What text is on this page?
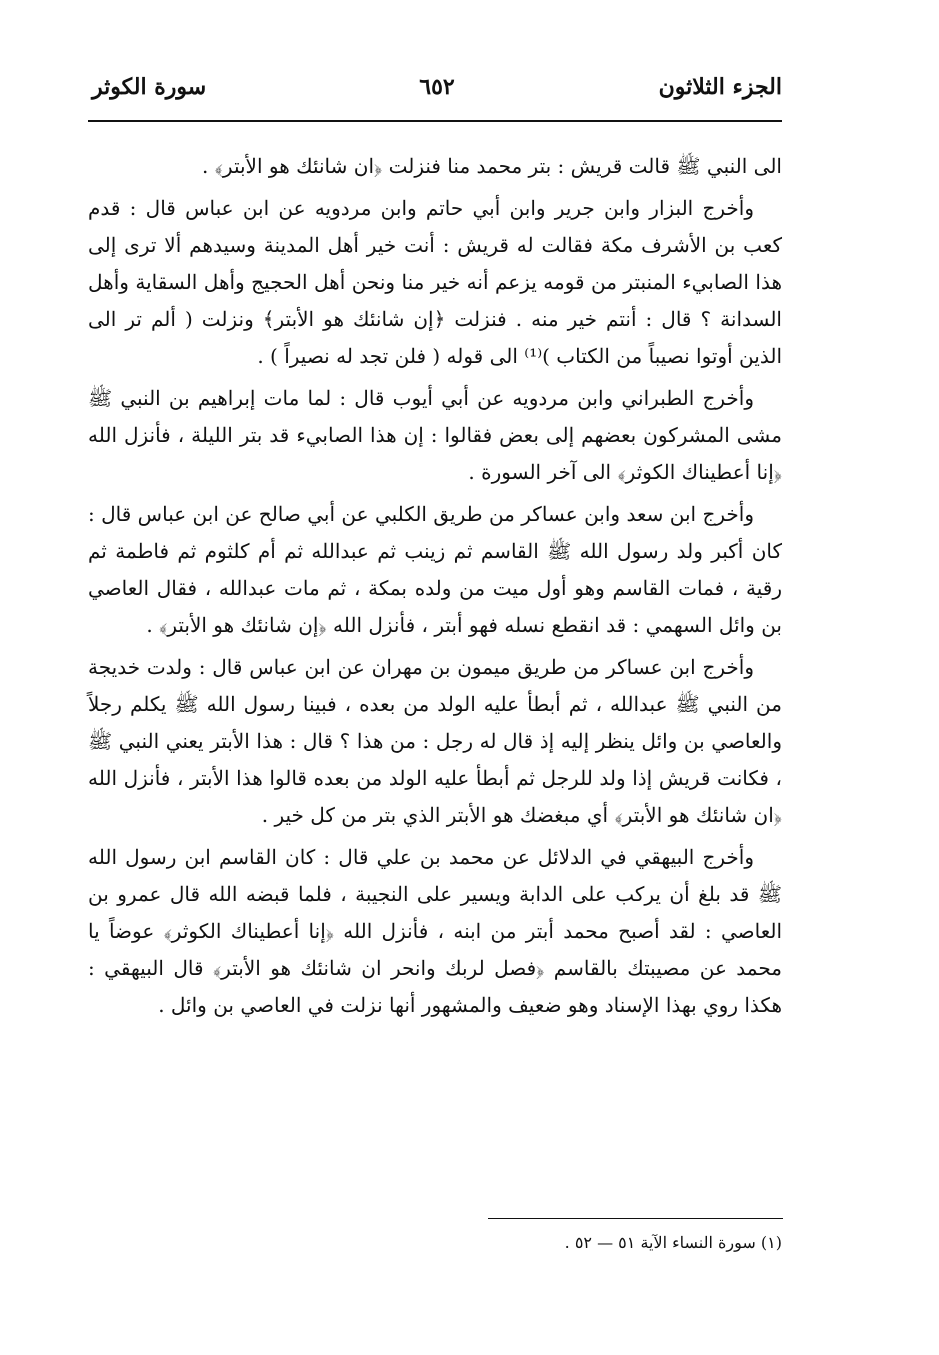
الجزء الثلاثون
٦٥٢
سورة الكوثر

الى النبي ﷺ قالت قريش : بتر محمد منا فنزلت ﴿ان شانئك هو الأبتر﴾ .

وأخرج البزار وابن جرير وابن أبي حاتم وابن مردويه عن ابن عباس قال : قدم كعب بن الأشرف مكة فقالت له قريش : أنت خير أهل المدينة وسيدهم ألا ترى إلى هذا الصابيء المنبتر من قومه يزعم أنه خير منا ونحن أهل الحجيج وأهل السقاية وأهل السدانة ؟ قال : أنتم خير منه . فنزلت ﴿إن شانئك هو الأبتر﴾ ونزلت ( ألم تر الى الذين أوتوا نصيباً من الكتاب )⁽¹⁾ الى قوله ( فلن تجد له نصيراً ) .

وأخرج الطبراني وابن مردويه عن أبي أيوب قال : لما مات إبراهيم بن النبي ﷺ مشى المشركون بعضهم إلى بعض فقالوا : إن هذا الصابيء قد بتر الليلة ، فأنزل الله ﴿إنا أعطيناك الكوثر﴾ الى آخر السورة .

وأخرج ابن سعد وابن عساكر من طريق الكلبي عن أبي صالح عن ابن عباس قال : كان أكبر ولد رسول الله ﷺ القاسم ثم زينب ثم عبدالله ثم أم كلثوم ثم فاطمة ثم رقية ، فمات القاسم وهو أول ميت من ولده بمكة ، ثم مات عبدالله ، فقال العاصي بن وائل السهمي : قد انقطع نسله فهو أبتر ، فأنزل الله ﴿إن شانئك هو الأبتر﴾ .

وأخرج ابن عساكر من طريق ميمون بن مهران عن ابن عباس قال : ولدت خديجة من النبي ﷺ عبدالله ، ثم أبطأ عليه الولد من بعده ، فبينا رسول الله ﷺ يكلم رجلاً والعاصي بن وائل ينظر إليه إذ قال له رجل : من هذا ؟ قال : هذا الأبتر يعني النبي ﷺ ، فكانت قريش إذا ولد للرجل ثم أبطأ عليه الولد من بعده قالوا هذا الأبتر ، فأنزل الله ﴿ان شانئك هو الأبتر﴾ أي مبغضك هو الأبتر الذي بتر من كل خير .

وأخرج البيهقي في الدلائل عن محمد بن علي قال : كان القاسم ابن رسول الله ﷺ قد بلغ أن يركب على الدابة ويسير على النجيبة ، فلما قبضه الله قال عمرو بن العاصي : لقد أصبح محمد أبتر من ابنه ، فأنزل الله ﴿إنا أعطيناك الكوثر﴾ عوضاً يا محمد عن مصيبتك بالقاسم ﴿فصل لربك وانحر ان شانئك هو الأبتر﴾ قال البيهقي : هكذا روي بهذا الإسناد وهو ضعيف والمشهور أنها نزلت في العاصي بن وائل .

(١) سورة النساء الآية ٥١ — ٥٢ .
